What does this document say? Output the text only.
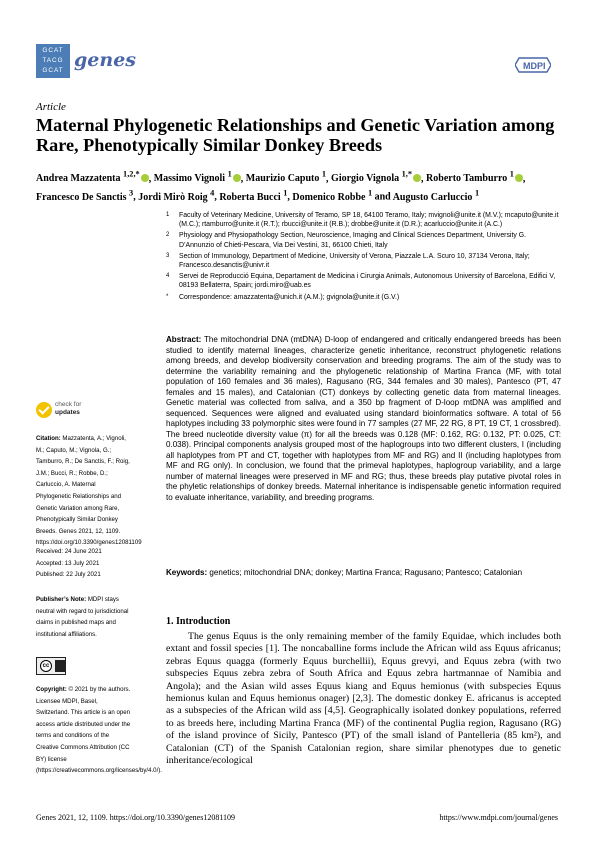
GCAT TACG GCAT genes	MDPI
Article
Maternal Phylogenetic Relationships and Genetic Variation among Rare, Phenotypically Similar Donkey Breeds
Andrea Mazzatenta $^{1,2,*}$ , Massimo Vignoli $^1$ , Maurizio Caputo $^1$, Giorgio Vignola $^{1,*}$ , Roberto Tamburro $^1$ , Francesco De Sanctis $^3$, Jordi Mirò Roig $^4$, Roberta Bucci $^1$, Domenico Robbe $^1$ and Augusto Carluccio $^1$
1 Faculty of Veterinary Medicine, University of Teramo, SP 18, 64100 Teramo, Italy; mvignoli@unite.it (M.V.); mcaputo@unite.it (M.C.); rtamburro@unite.it (R.T.); rbucci@unite.it (R.B.); drobbe@unite.it (D.R.); acarluccio@unite.it (A.C.)
2 Physiology and Physiopathology Section, Neuroscience, Imaging and Clinical Sciences Department, University G. D’Annunzio of Chieti-Pescara, Via Dei Vestini, 31, 66100 Chieti, Italy
3 Section of Immunology, Department of Medicine, University of Verona, Piazzale L.A. Scuro 10, 37134 Verona, Italy; Francesco.desanctis@univr.it
4 Servei de Reproducció Equina, Departament de Medicina i Cirurgia Animals, Autonomous University of Barcelona, Edifici V, 08193 Bellaterra, Spain; jordi.miro@uab.es
* Correspondence: amazzatenta@unich.it (A.M.); gvignola@unite.it (G.V.)
Abstract: The mitochondrial DNA (mtDNA) D-loop of endangered and critically endangered breeds has been studied to identify maternal lineages, characterize genetic inheritance, reconstruct phylogenetic relations among breeds, and develop biodiversity conservation and breeding programs. The aim of the study was to determine the variability remaining and the phylogenetic relationship of Martina Franca (MF, with total population of 160 females and 36 males), Ragusano (RG, 344 females and 30 males), Pantesco (PT, 47 females and 15 males), and Catalonian (CT) donkeys by collecting genetic data from maternal lineages. Genetic material was collected from saliva, and a 350 bp fragment of D-loop mtDNA was amplified and sequenced. Sequences were aligned and evaluated using standard bioinformatics software. A total of 56 haplotypes including 33 polymorphic sites were found in 77 samples (27 MF, 22 RG, 8 PT, 19 CT, 1 crossbred). The breed nucleotide diversity value (π) for all the breeds was 0.128 (MF: 0.162, RG: 0.132, PT: 0.025, CT: 0.038). Principal components analysis grouped most of the haplogroups into two different clusters, I (including all haplotypes from PT and CT, together with haplotypes from MF and RG) and II (including haplotypes from MF and RG only). In conclusion, we found that the primeval haplotypes, haplogroup variability, and a large number of maternal lineages were preserved in MF and RG; thus, these breeds play putative pivotal roles in the phyletic relationships of donkey breeds. Maternal inheritance is indispensable genetic information required to evaluate inheritance, variability, and breeding programs.
Keywords: genetics; mitochondrial DNA; donkey; Martina Franca; Ragusano; Pantesco; Catalonian
1. Introduction

The genus Equus is the only remaining member of the family Equidae, which includes both extant and fossil species [1]. The noncaballine forms include the African wild ass Equus africanus; zebras Equus quagga (formerly Equus burchellii), Equus grevyi, and Equus zebra (with two subspecies Equus zebra zebra of South Africa and Equus zebra hartmannae of Namibia and Angola); and the Asian wild asses Equus kiang and Equus hemionus (with subspecies Equus hemionus kulan and Equus hemionus onager) [2,3]. The domestic donkey E. africanus is accepted as a subspecies of the African wild ass [4,5]. Geographically isolated donkey populations, referred to as breeds here, including Martina Franca (MF) of the continental Puglia region, Ragusano (RG) of the island province of Sicily, Pantesco (PT) of the small island of Pantelleria (85 km²), and Catalonian (CT) of the Spanish Catalonian region, share similar phenotypes due to genetic inheritance/ecological

check for
updates
Citation: Mazzatenta, A.; Vignoli, M.; Caputo, M.; Vignola, G.; Tamburro, R.; De Sanctis, F.; Roig, J.M.; Bucci, R.; Robbe, D.; Carluccio, A. Maternal Phylogenetic Relationships and Genetic Variation among Rare, Phenotypically Similar Donkey Breeds. Genes 2021, 12, 1109. https://doi.org/10.3390/genes12081109
Received: 24 June 2021
Accepted: 13 July 2021
Published: 22 July 2021
Publisher’s Note: MDPI stays neutral with regard to jurisdictional claims in published maps and institutional affiliations.
cc
Copyright: © 2021 by the authors. Licensee MDPI, Basel, Switzerland. This article is an open access article distributed under the terms and conditions of the Creative Commons Attribution (CC BY) license (https://creativecommons.org/licenses/by/4.0/).
Genes 2021, 12, 1109. https://doi.org/10.3390/genes12081109	https://www.mdpi.com/journal/genes
